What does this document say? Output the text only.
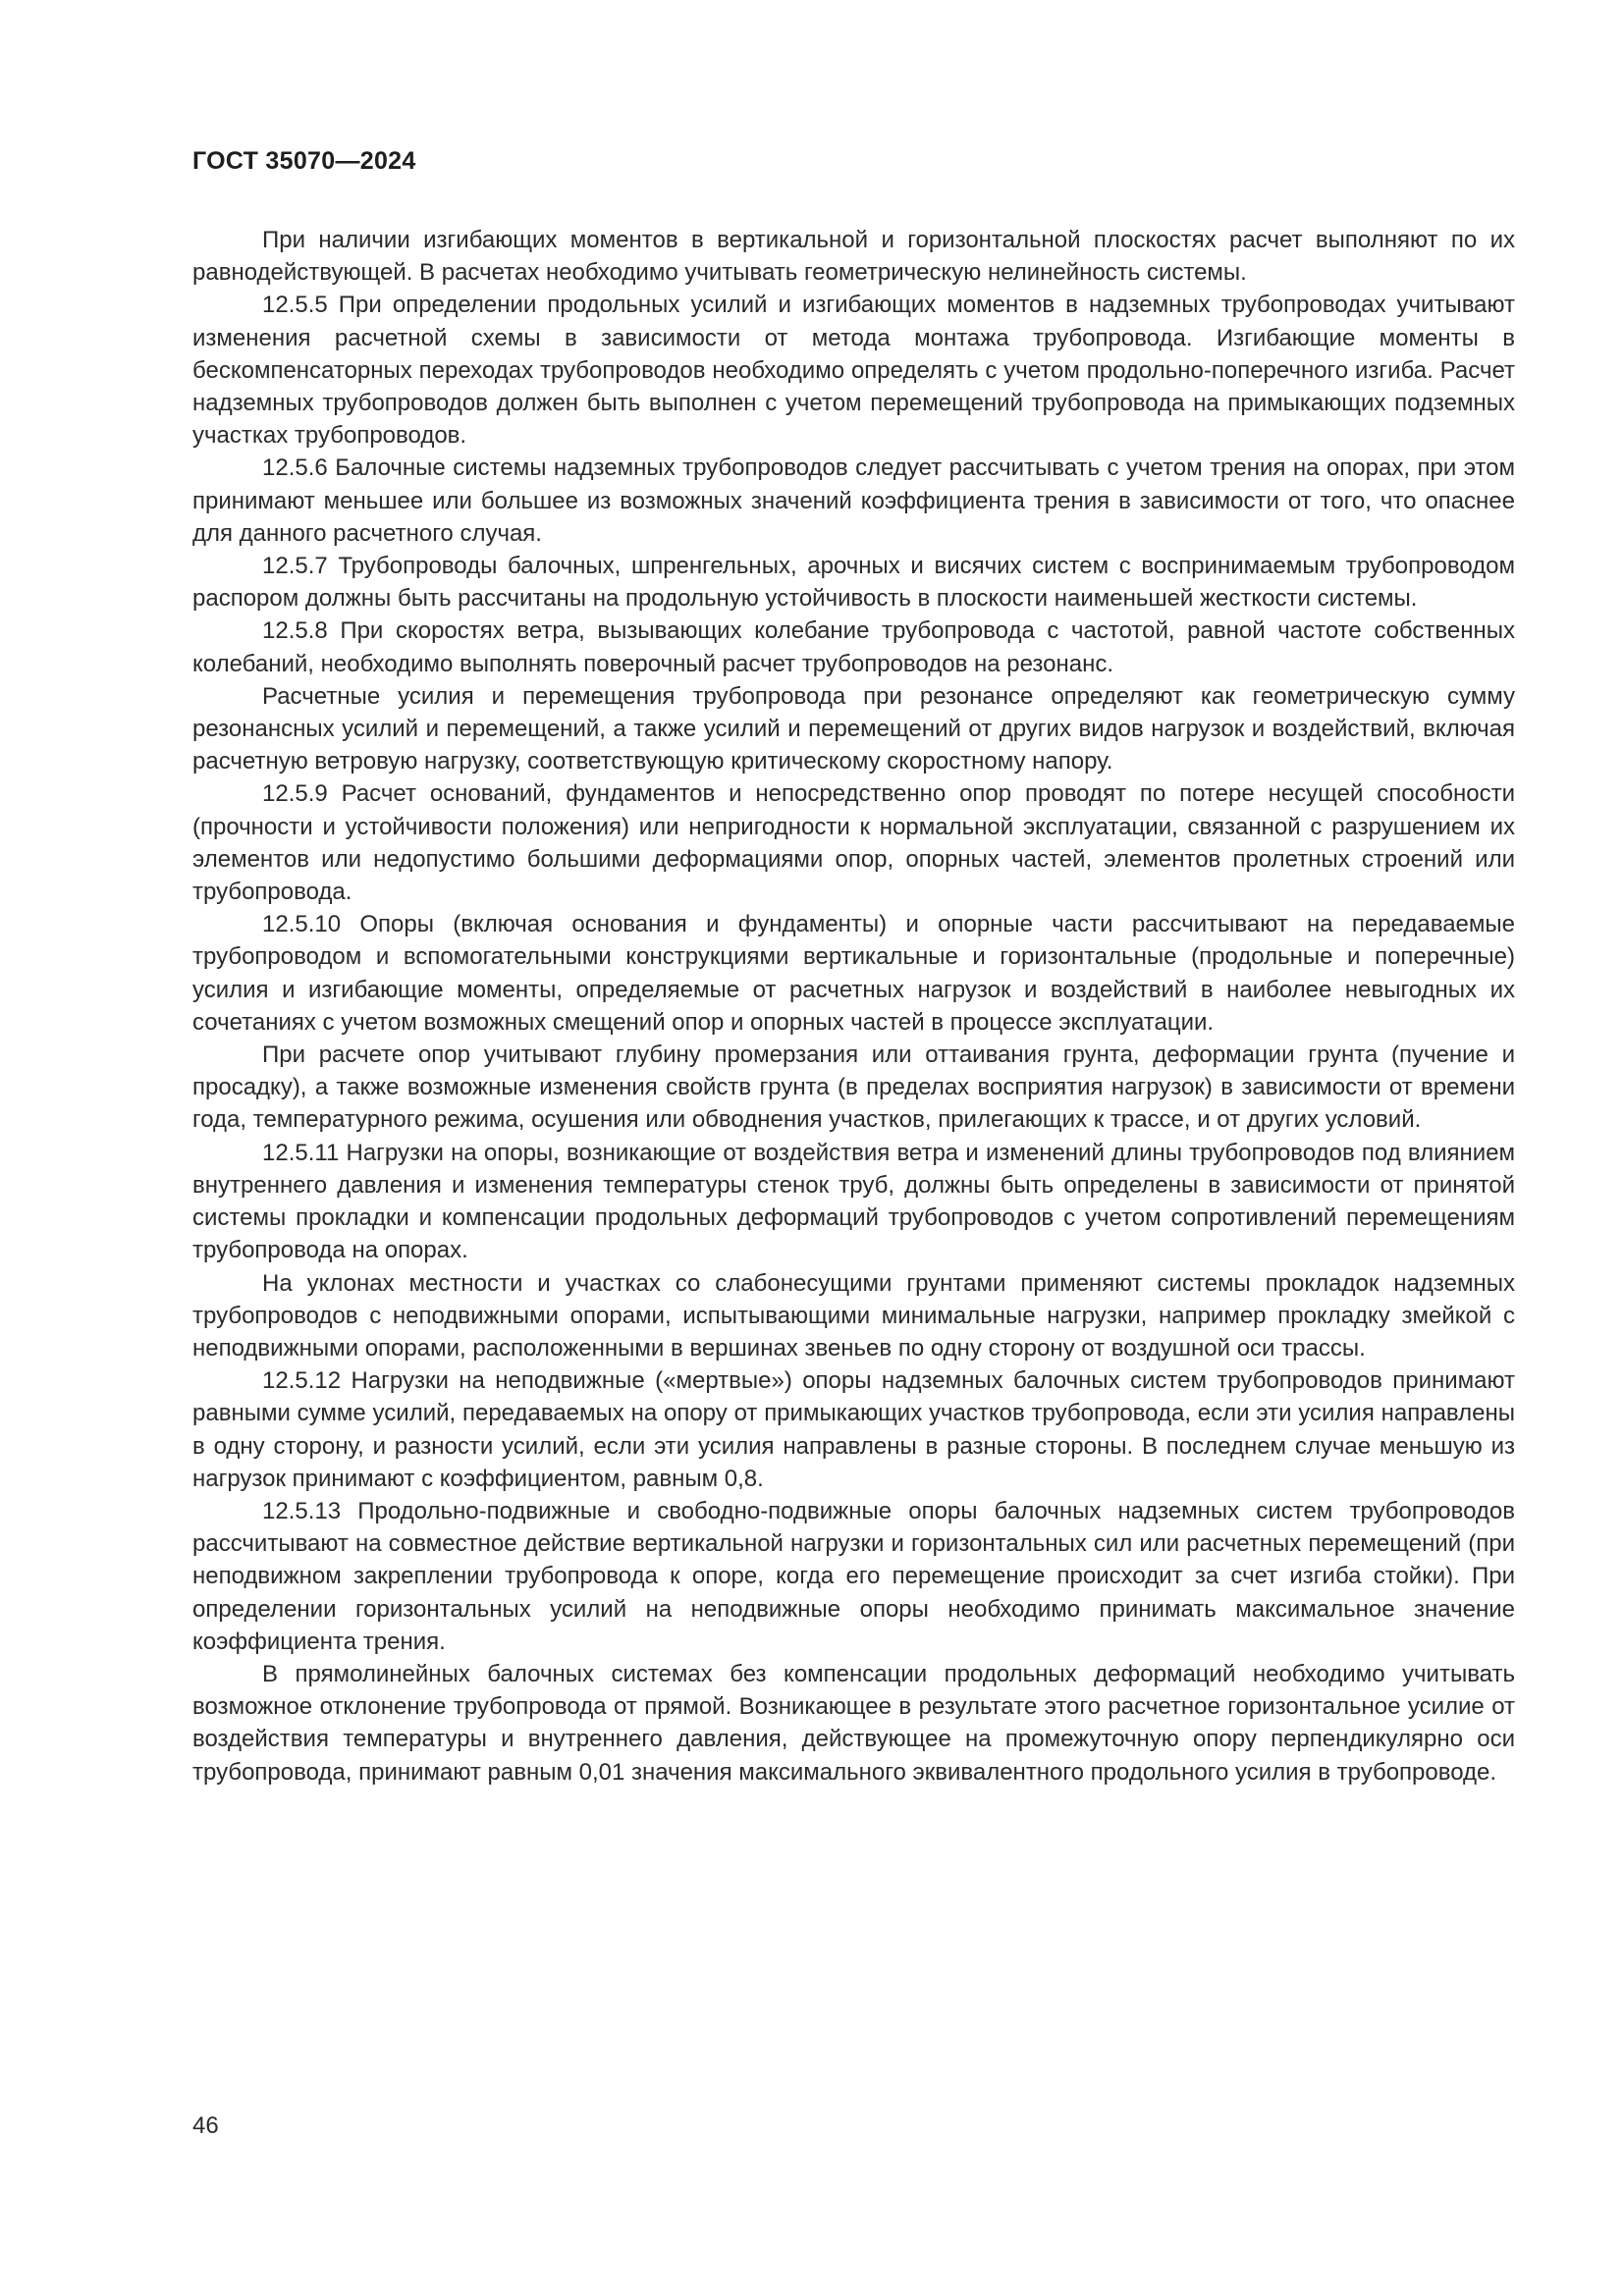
ГОСТ 35070—2024

При наличии изгибающих моментов в вертикальной и горизонтальной плоскостях расчет выполняют по их равнодействующей. В расчетах необходимо учитывать геометрическую нелинейность системы.

12.5.5 При определении продольных усилий и изгибающих моментов в надземных трубопроводах учитывают изменения расчетной схемы в зависимости от метода монтажа трубопровода. Изгибающие моменты в бескомпенсаторных переходах трубопроводов необходимо определять с учетом продольно-поперечного изгиба. Расчет надземных трубопроводов должен быть выполнен с учетом перемещений трубопровода на примыкающих подземных участках трубопроводов.

12.5.6 Балочные системы надземных трубопроводов следует рассчитывать с учетом трения на опорах, при этом принимают меньшее или большее из возможных значений коэффициента трения в зависимости от того, что опаснее для данного расчетного случая.

12.5.7 Трубопроводы балочных, шпренгельных, арочных и висячих систем с воспринимаемым трубопроводом распором должны быть рассчитаны на продольную устойчивость в плоскости наименьшей жесткости системы.

12.5.8 При скоростях ветра, вызывающих колебание трубопровода с частотой, равной частоте собственных колебаний, необходимо выполнять поверочный расчет трубопроводов на резонанс.

Расчетные усилия и перемещения трубопровода при резонансе определяют как геометрическую сумму резонансных усилий и перемещений, а также усилий и перемещений от других видов нагрузок и воздействий, включая расчетную ветровую нагрузку, соответствующую критическому скоростному напору.

12.5.9 Расчет оснований, фундаментов и непосредственно опор проводят по потере несущей способности (прочности и устойчивости положения) или непригодности к нормальной эксплуатации, связанной с разрушением их элементов или недопустимо большими деформациями опор, опорных частей, элементов пролетных строений или трубопровода.

12.5.10 Опоры (включая основания и фундаменты) и опорные части рассчитывают на передаваемые трубопроводом и вспомогательными конструкциями вертикальные и горизонтальные (продольные и поперечные) усилия и изгибающие моменты, определяемые от расчетных нагрузок и воздействий в наиболее невыгодных их сочетаниях с учетом возможных смещений опор и опорных частей в процессе эксплуатации.

При расчете опор учитывают глубину промерзания или оттаивания грунта, деформации грунта (пучение и просадку), а также возможные изменения свойств грунта (в пределах восприятия нагрузок) в зависимости от времени года, температурного режима, осушения или обводнения участков, прилегающих к трассе, и от других условий.

12.5.11 Нагрузки на опоры, возникающие от воздействия ветра и изменений длины трубопроводов под влиянием внутреннего давления и изменения температуры стенок труб, должны быть определены в зависимости от принятой системы прокладки и компенсации продольных деформаций трубопроводов с учетом сопротивлений перемещениям трубопровода на опорах.

На уклонах местности и участках со слабонесущими грунтами применяют системы прокладок надземных трубопроводов с неподвижными опорами, испытывающими минимальные нагрузки, например прокладку змейкой с неподвижными опорами, расположенными в вершинах звеньев по одну сторону от воздушной оси трассы.

12.5.12 Нагрузки на неподвижные («мертвые») опоры надземных балочных систем трубопроводов принимают равными сумме усилий, передаваемых на опору от примыкающих участков трубопровода, если эти усилия направлены в одну сторону, и разности усилий, если эти усилия направлены в разные стороны. В последнем случае меньшую из нагрузок принимают с коэффициентом, равным 0,8.

12.5.13 Продольно-подвижные и свободно-подвижные опоры балочных надземных систем трубопроводов рассчитывают на совместное действие вертикальной нагрузки и горизонтальных сил или расчетных перемещений (при неподвижном закреплении трубопровода к опоре, когда его перемещение происходит за счет изгиба стойки). При определении горизонтальных усилий на неподвижные опоры необходимо принимать максимальное значение коэффициента трения.

В прямолинейных балочных системах без компенсации продольных деформаций необходимо учитывать возможное отклонение трубопровода от прямой. Возникающее в результате этого расчетное горизонтальное усилие от воздействия температуры и внутреннего давления, действующее на промежуточную опору перпендикулярно оси трубопровода, принимают равным 0,01 значения максимального эквивалентного продольного усилия в трубопроводе.

46
